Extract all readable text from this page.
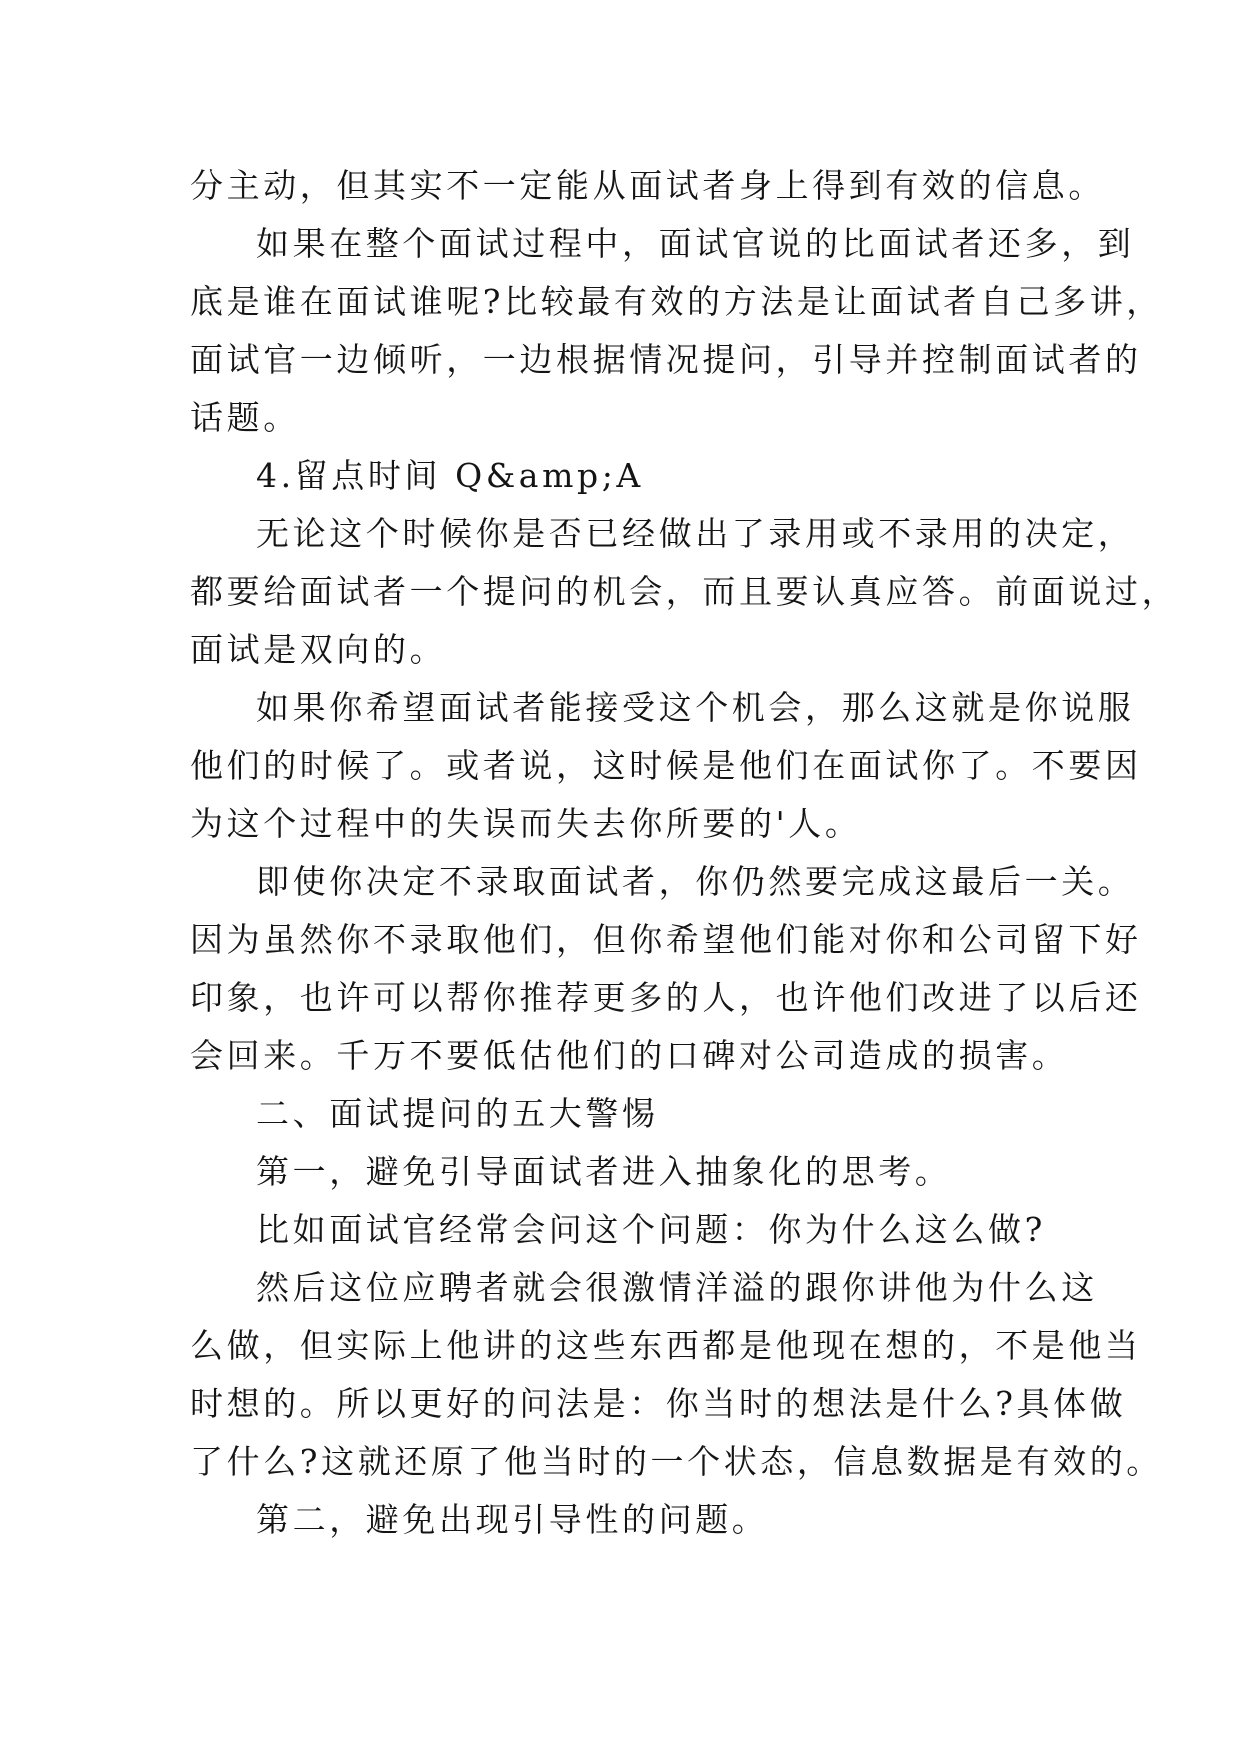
分主动，但其实不一定能从面试者身上得到有效的信息。
如果在整个面试过程中，面试官说的比面试者还多，到
底是谁在面试谁呢?比较最有效的方法是让面试者自己多讲，
面试官一边倾听，一边根据情况提问，引导并控制面试者的
话题。
4.留点时间 Q&amp;A
无论这个时候你是否已经做出了录用或不录用的决定，
都要给面试者一个提问的机会，而且要认真应答。前面说过，
面试是双向的。
如果你希望面试者能接受这个机会，那么这就是你说服
他们的时候了。或者说，这时候是他们在面试你了。不要因
为这个过程中的失误而失去你所要的'人。
即使你决定不录取面试者，你仍然要完成这最后一关。
因为虽然你不录取他们，但你希望他们能对你和公司留下好
印象，也许可以帮你推荐更多的人，也许他们改进了以后还
会回来。千万不要低估他们的口碑对公司造成的损害。
二、面试提问的五大警惕
第一，避免引导面试者进入抽象化的思考。
比如面试官经常会问这个问题：你为什么这么做?
然后这位应聘者就会很激情洋溢的跟你讲他为什么这
么做，但实际上他讲的这些东西都是他现在想的，不是他当
时想的。所以更好的问法是：你当时的想法是什么?具体做
了什么?这就还原了他当时的一个状态，信息数据是有效的。
第二，避免出现引导性的问题。
